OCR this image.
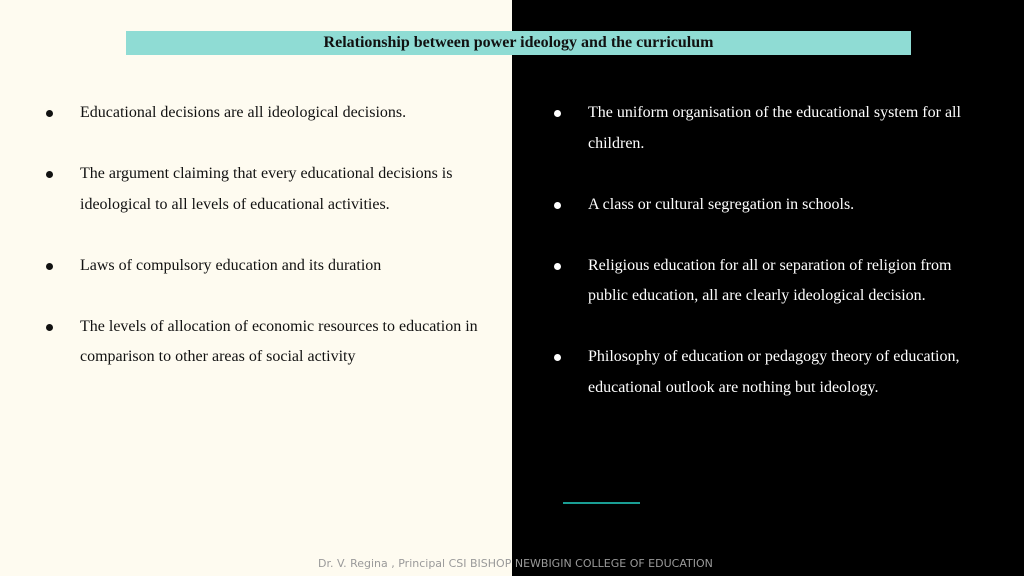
Relationship between power ideology and the curriculum
Educational decisions are all ideological decisions.
The argument claiming that every educational decisions is ideological to all levels of educational activities.
Laws of compulsory education and its duration
The levels of allocation of economic resources to education in comparison to other areas of social activity
The uniform organisation of the educational system for all children.
A class or cultural segregation in schools.
Religious education for all or separation of religion from public education, all are clearly ideological decision.
Philosophy of education or pedagogy theory of education, educational outlook are nothing but ideology.
Dr. V. Regina , Principal CSI BISHOP NEWBIGIN COLLEGE OF EDUCATION
